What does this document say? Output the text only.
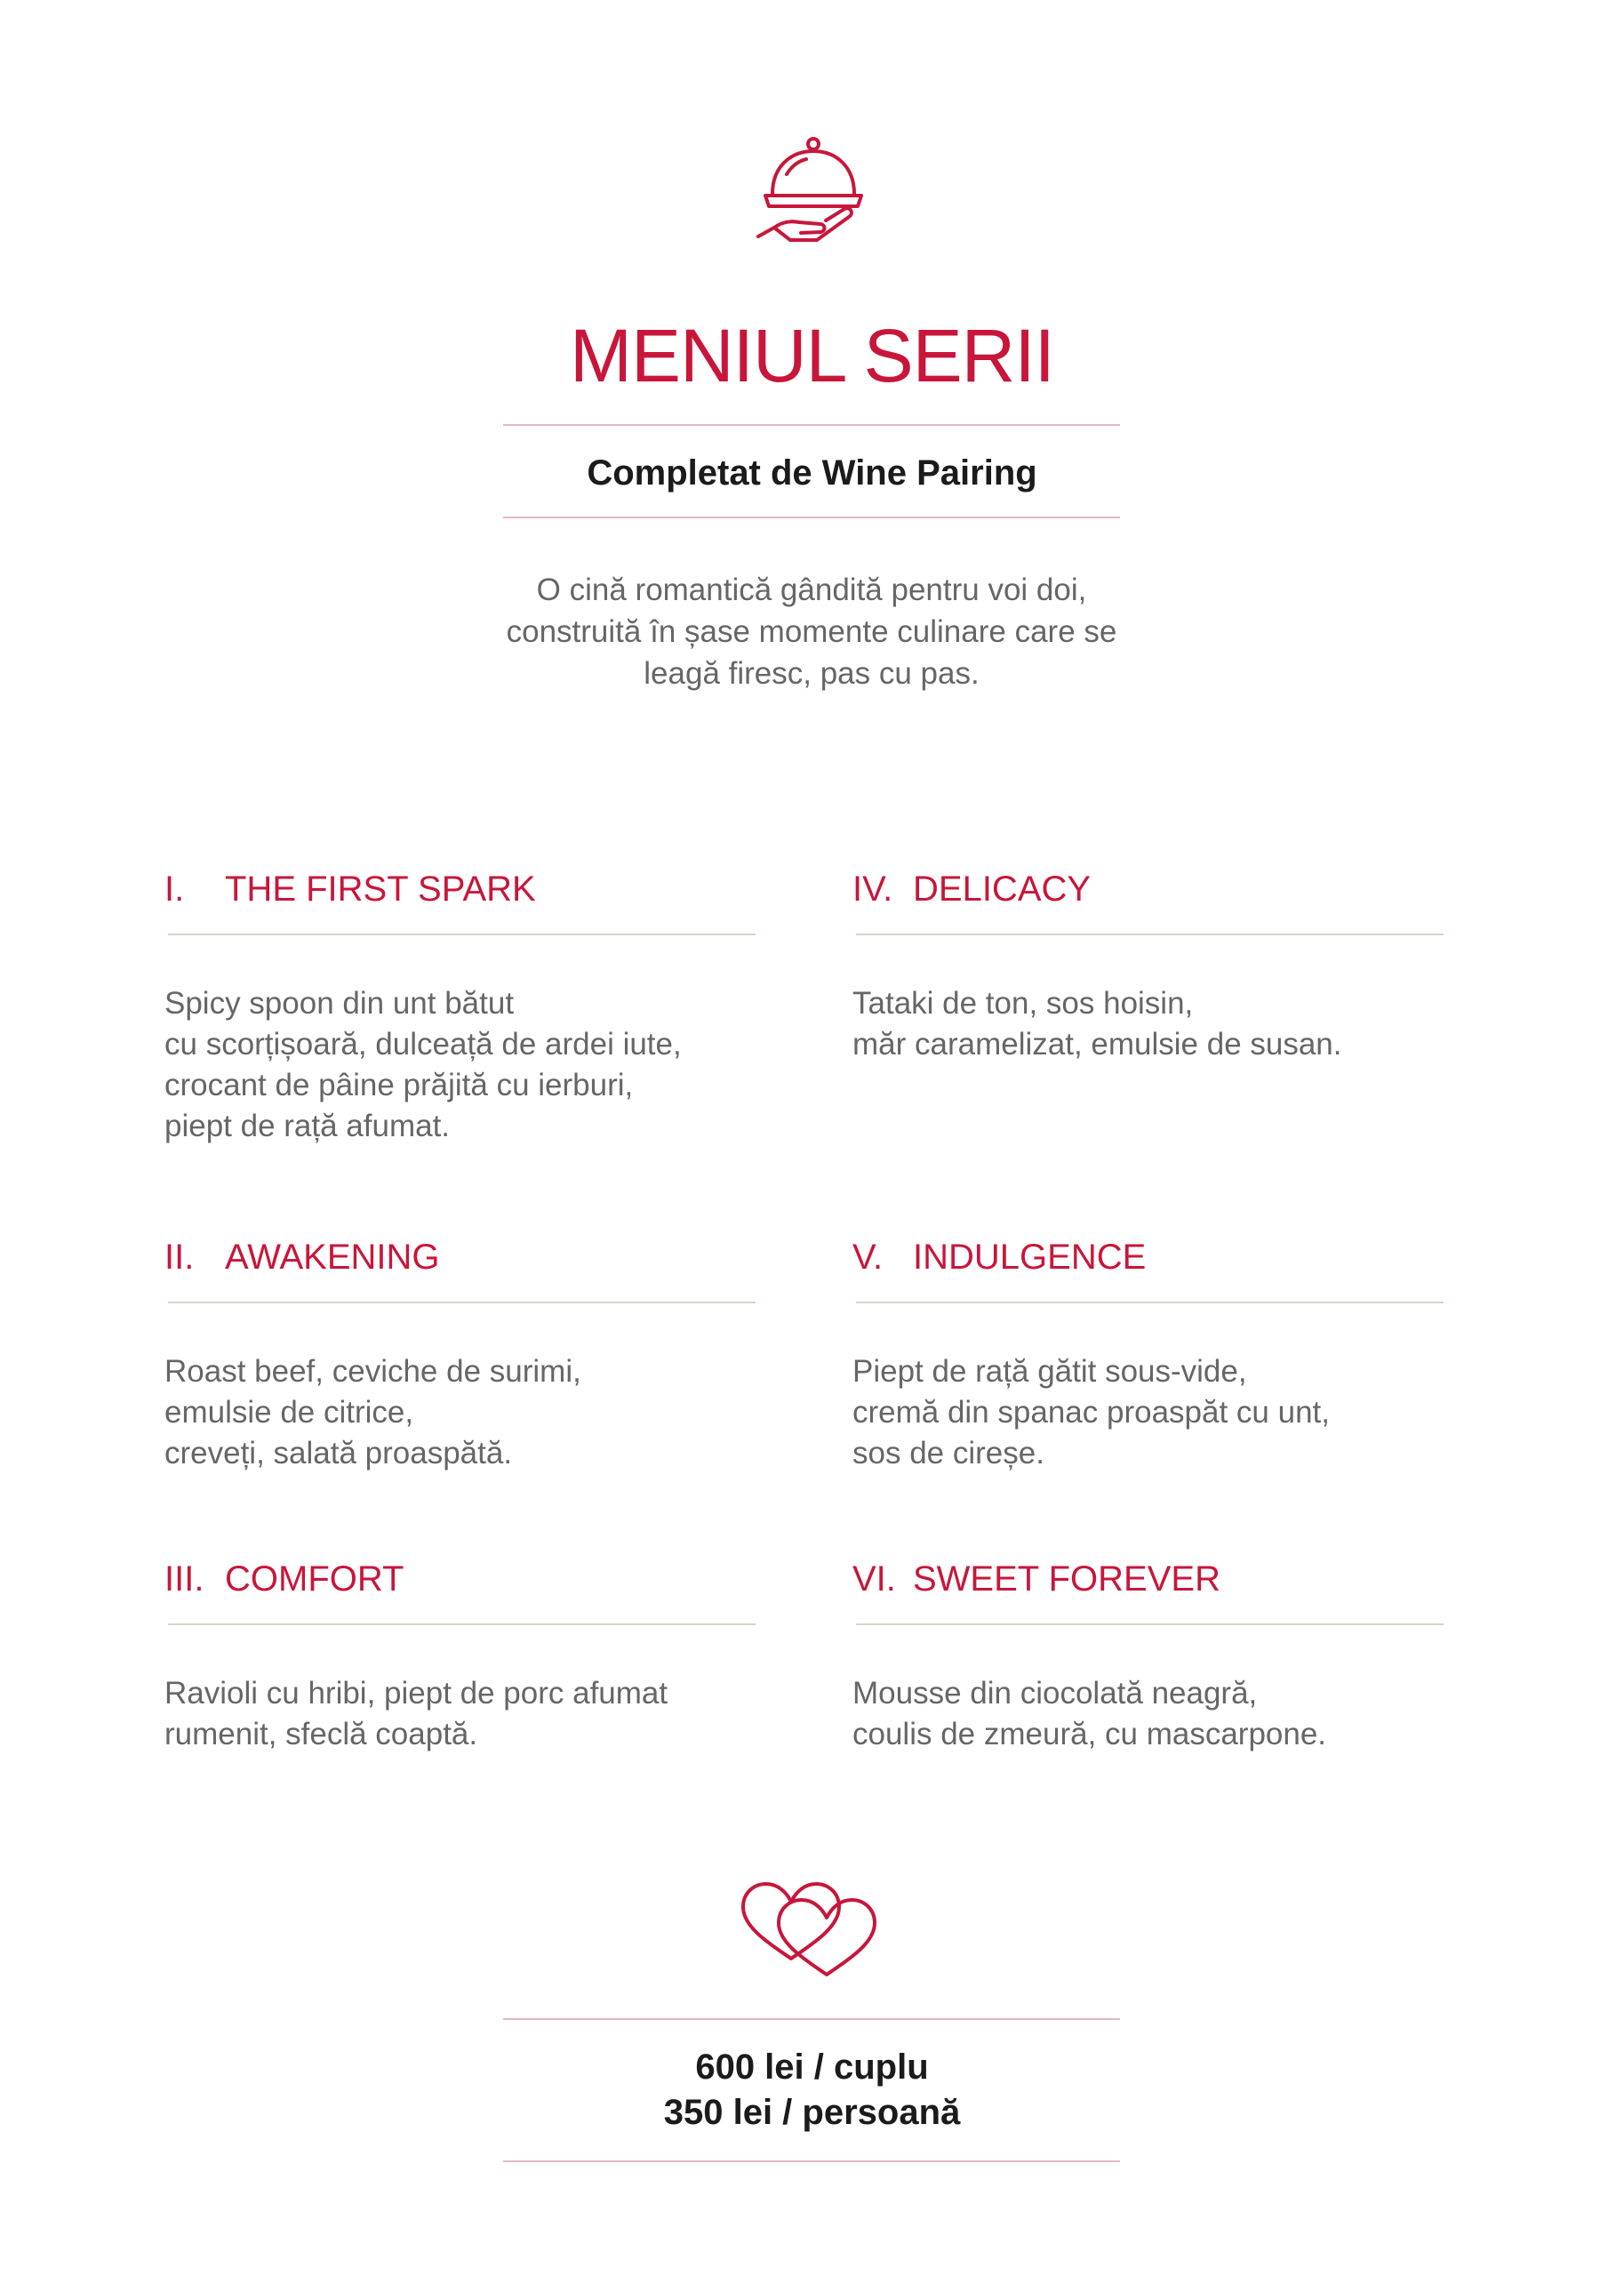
MENIUL SERII
Completat de Wine Pairing
O cină romantică gândită pentru voi doi,
construită în șase momente culinare care se
leagă firesc, pas cu pas.
I. THE FIRST SPARK
Spicy spoon din unt bătut
cu scorțișoară, dulceață de ardei iute,
crocant de pâine prăjită cu ierburi,
piept de rață afumat.
II. AWAKENING
Roast beef, ceviche de surimi,
emulsie de citrice,
creveți, salată proaspătă.
III. COMFORT
Ravioli cu hribi, piept de porc afumat
rumenit, sfeclă coaptă.
IV. DELICACY
Tataki de ton, sos hoisin,
măr caramelizat, emulsie de susan.
V. INDULGENCE
Piept de rață gătit sous-vide,
cremă din spanac proaspăt cu unt,
sos de cireșe.
VI. SWEET FOREVER
Mousse din ciocolată neagră,
coulis de zmeură, cu mascarpone.
600 lei / cuplu
350 lei / persoană
